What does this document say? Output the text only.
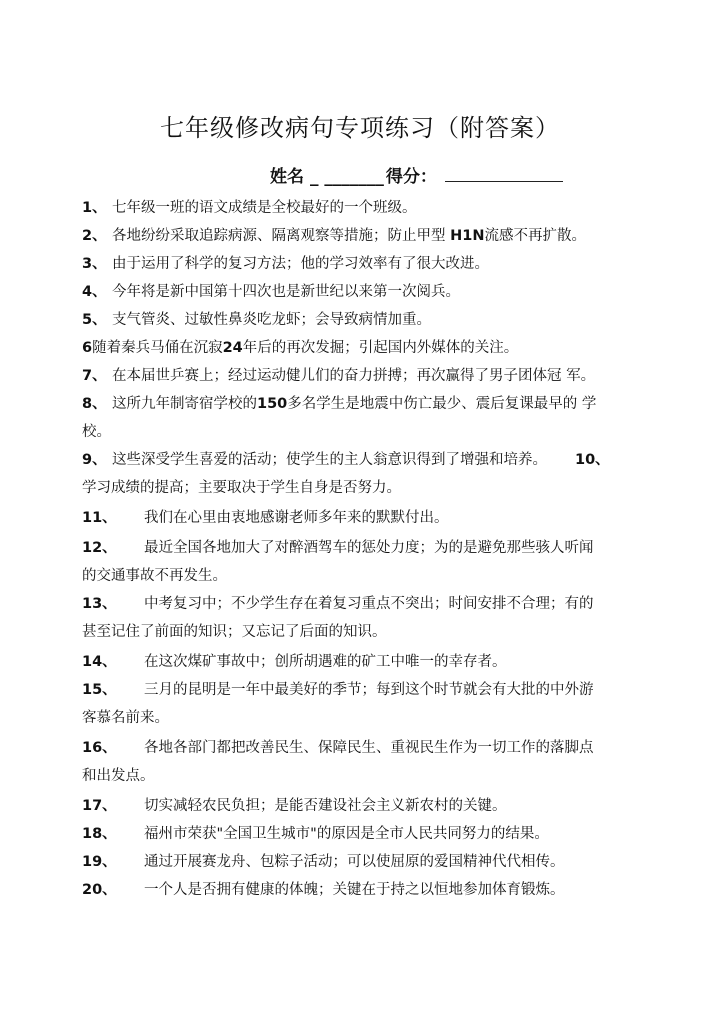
七年级修改病句专项练习（附答案）
姓名 _ _______ 得分：
1、 七年级一班的语文成绩是全校最好的一个班级。
2、 各地纷纷采取追踪病源、隔离观察等措施；防止甲型 H1N流感不再扩散。
3、 由于运用了科学的复习方法；他的学习效率有了很大改进。
4、 今年将是新中国第十四次也是新世纪以来第一次阅兵。
5、 支气管炎、过敏性鼻炎吃龙虾；会导致病情加重。
6随着秦兵马俑在沉寂24年后的再次发掘；引起国内外媒体的关注。
7、 在本届世乒赛上；经过运动健儿们的奋力拼搏；再次赢得了男子团体冠 军。
8、 这所九年制寄宿学校的150多名学生是地震中伤亡最少、震后复课最早的 学
校。
9、 这些深受学生喜爱的活动；使学生的主人翁意识得到了增强和培养。 10、
学习成绩的提高；主要取决于学生自身是否努力。
11、 我们在心里由衷地感谢老师多年来的默默付出。
12、 最近全国各地加大了对醉酒驾车的惩处力度；为的是避免那些骇人听闻
的交通事故不再发生。
13、 中考复习中；不少学生存在着复习重点不突出；时间安排不合理；有的
甚至记住了前面的知识；又忘记了后面的知识。
14、 在这次煤矿事故中；创所胡遇难的矿工中唯一的幸存者。
15、 三月的昆明是一年中最美好的季节；每到这个时节就会有大批的中外游
客慕名前来。
16、 各地各部门都把改善民生、保障民生、重视民生作为一切工作的落脚点
和出发点。
17、 切实减轻农民负担；是能否建设社会主义新农村的关键。
18、 福州市荣获"全国卫生城市"的原因是全市人民共同努力的结果。
19、 通过开展赛龙舟、包粽子活动；可以使屈原的爱国精神代代相传。
20、 一个人是否拥有健康的体魄；关键在于持之以恒地参加体育锻炼。
